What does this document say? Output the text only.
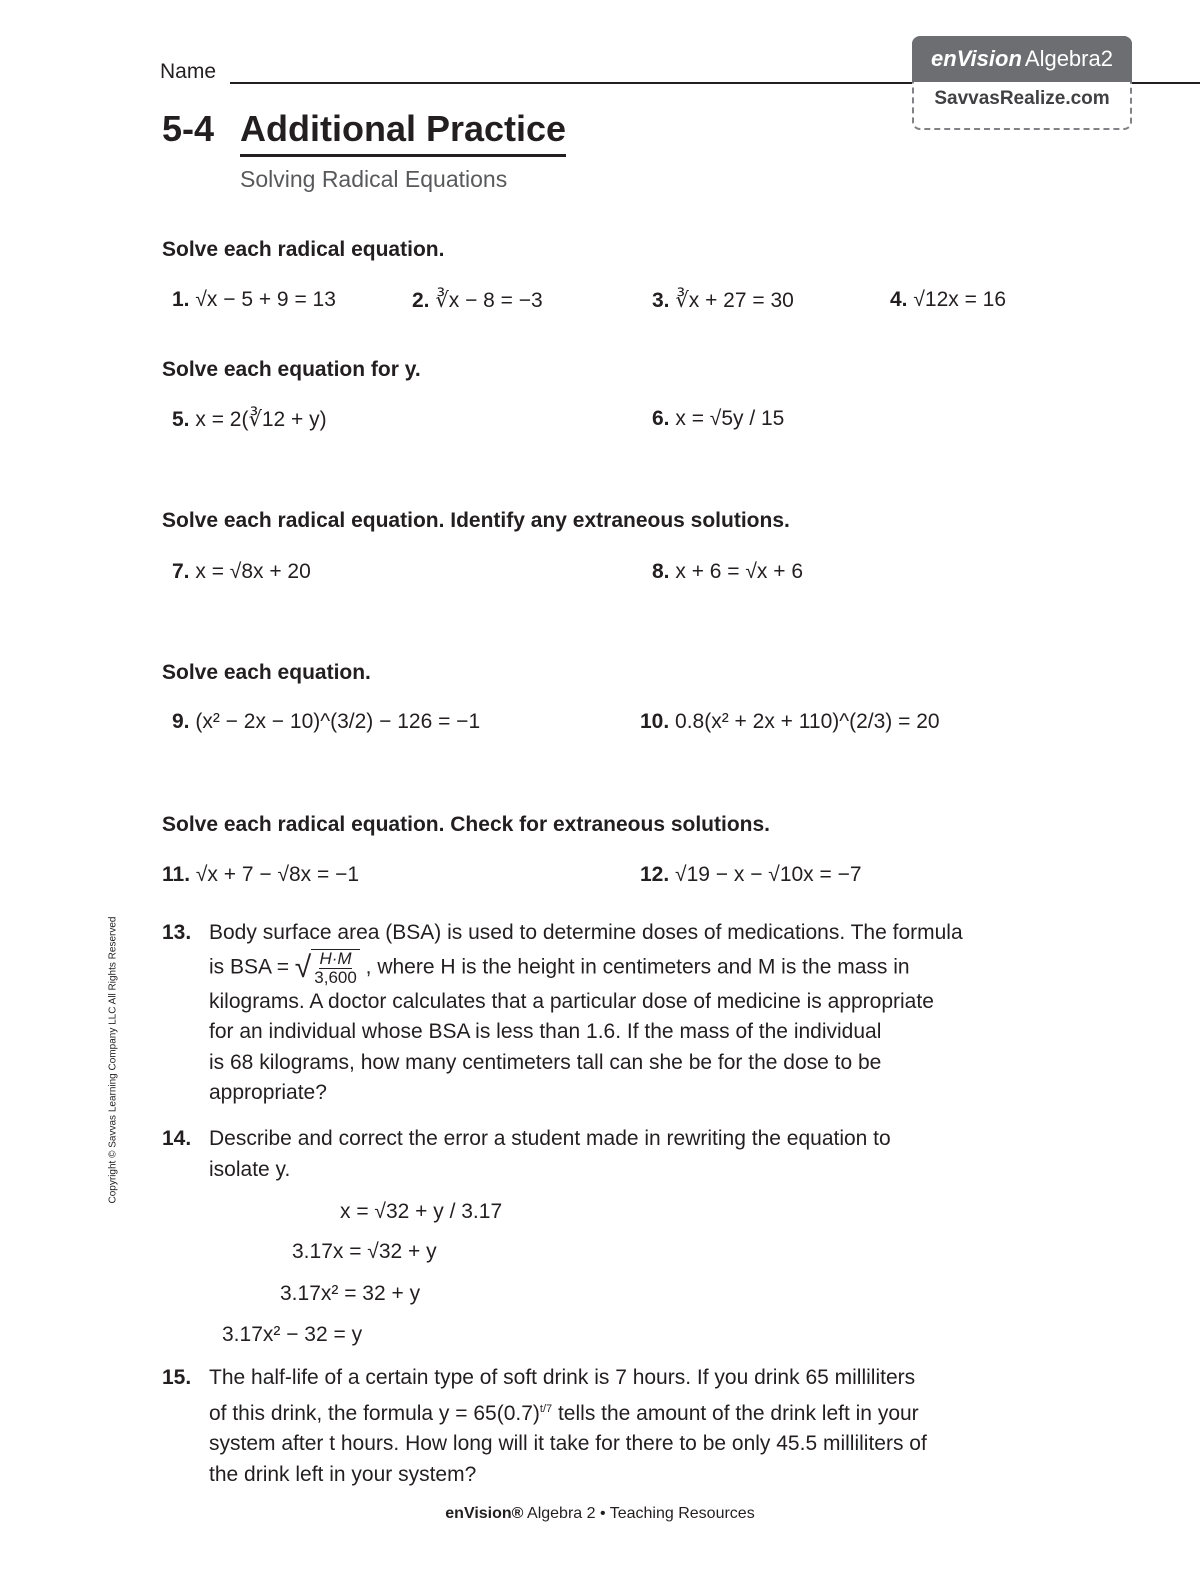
Name
enVision Algebra2
SavvasRealize.com
5-4 Additional Practice
Solving Radical Equations
Solve each radical equation.
1. √x − 5 + 9 = 13	2. ∛x − 8 = −3	3. ∛x + 27 = 30	4. √12x = 16
Solve each equation for y.
5. x = 2(∛12 + y)	6. x = √5y / 15
Solve each radical equation. Identify any extraneous solutions.
7. x = √8x + 20	8. x + 6 = √x + 6
Solve each equation.
9. (x² − 2x − 10)^(3/2) − 126 = −1	10. 0.8(x² + 2x + 110)^(2/3) = 20
Solve each radical equation. Check for extraneous solutions.
11. √x + 7 − √8x = −1	12. √19 − x − √10x = −7
13. Body surface area (BSA) is used to determine doses of medications. The formula
is BSA = √ $\frac{H\cdot M}{3,600}$ , where H is the height in centimeters and M is the mass in
kilograms. A doctor calculates that a particular dose of medicine is appropriate
for an individual whose BSA is less than 1.6. If the mass of the individual
is 68 kilograms, how many centimeters tall can she be for the dose to be
appropriate?
14. Describe and correct the error a student made in rewriting the equation to
isolate y.
x = √32 + y / 3.17
3.17x = √32 + y
3.17x² = 32 + y
3.17x² − 32 = y
15. The half-life of a certain type of soft drink is 7 hours. If you drink 65 milliliters
of this drink, the formula $y = 65(0.7)^{t/7}$ tells the amount of the drink left in your
system after t hours. How long will it take for there to be only 45.5 milliliters of
the drink left in your system?
enVision® Algebra 2 • Teaching Resources
Copyright © Savvas Learning Company LLC All Rights Reserved
